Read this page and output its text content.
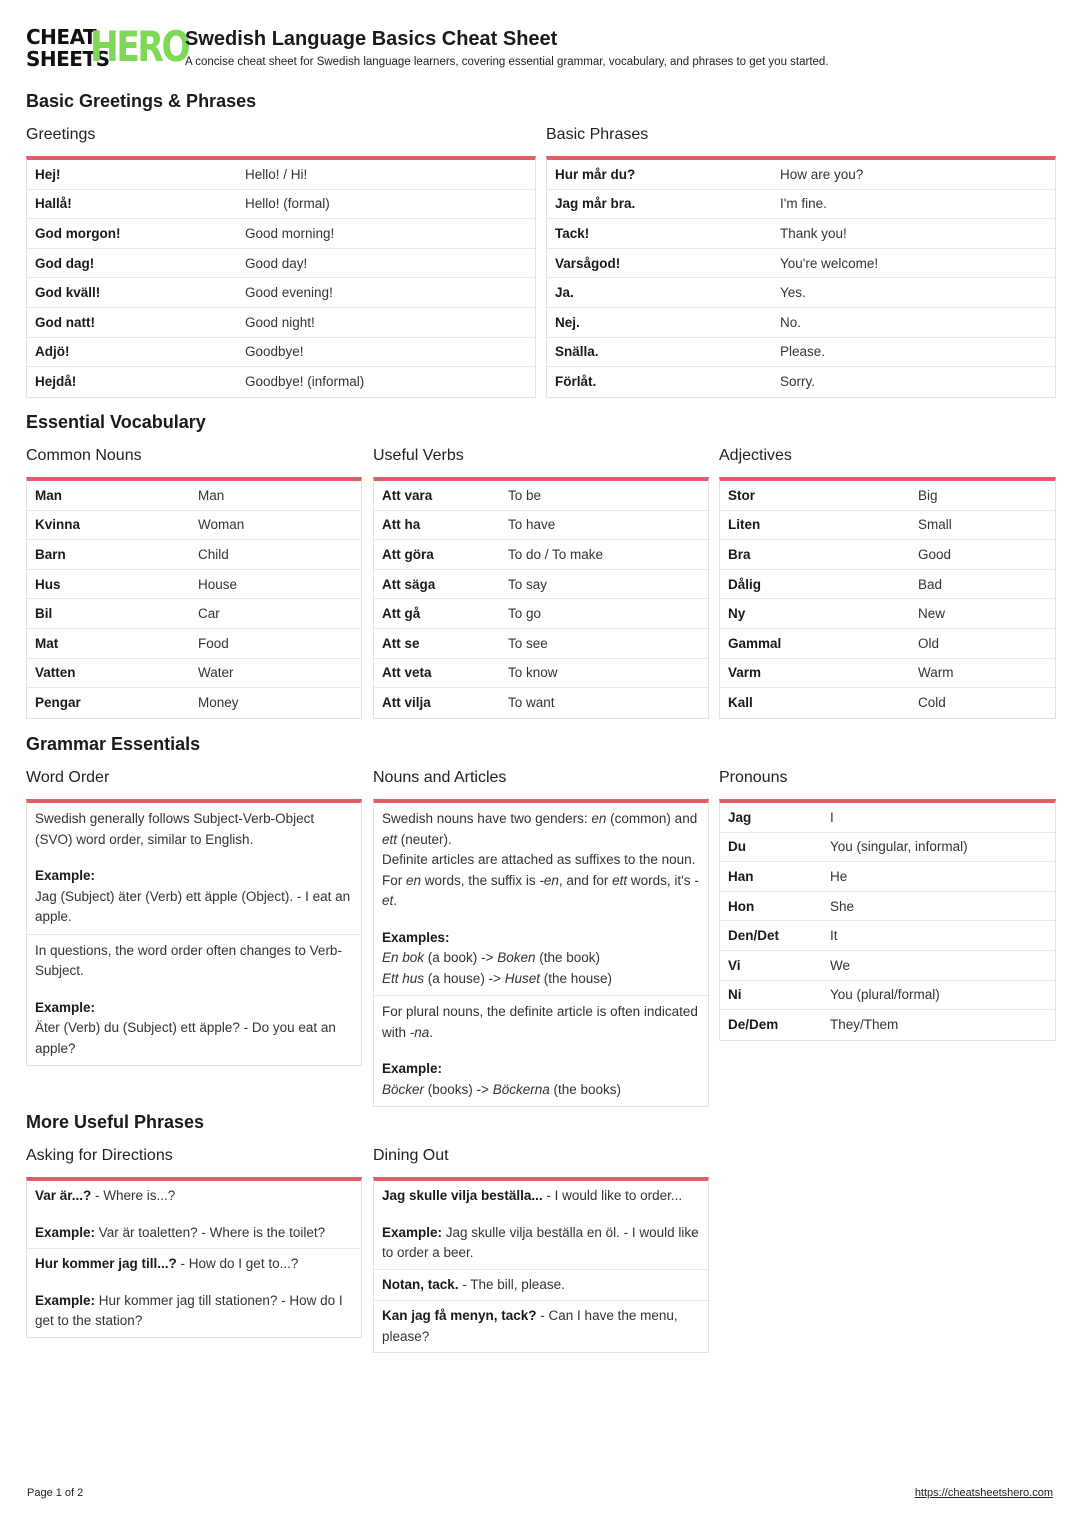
CHEAT
SHEETS
HERO
Swedish Language Basics Cheat Sheet
A concise cheat sheet for Swedish language learners, covering essential grammar, vocabulary, and phrases to get you started.
Basic Greetings & Phrases
Greetings
Hej!	Hello! / Hi!
Hallå!	Hello! (formal)
God morgon!	Good morning!
God dag!	Good day!
God kväll!	Good evening!
God natt!	Good night!
Adjö!	Goodbye!
Hejdå!	Goodbye! (informal)
Basic Phrases
Hur mår du?	How are you?
Jag mår bra.	I'm fine.
Tack!	Thank you!
Varsågod!	You're welcome!
Ja.	Yes.
Nej.	No.
Snälla.	Please.
Förlåt.	Sorry.
Essential Vocabulary
Common Nouns
Man	Man
Kvinna	Woman
Barn	Child
Hus	House
Bil	Car
Mat	Food
Vatten	Water
Pengar	Money
Useful Verbs
Att vara	To be
Att ha	To have
Att göra	To do / To make
Att säga	To say
Att gå	To go
Att se	To see
Att veta	To know
Att vilja	To want
Adjectives
Stor	Big
Liten	Small
Bra	Good
Dålig	Bad
Ny	New
Gammal	Old
Varm	Warm
Kall	Cold
Grammar Essentials
Word Order
Swedish generally follows Subject-Verb-Object (SVO) word order, similar to English.
Example:
Jag (Subject) äter (Verb) ett äpple (Object). - I eat an apple.
In questions, the word order often changes to Verb-Subject.
Example:
Äter (Verb) du (Subject) ett äpple? - Do you eat an apple?
Nouns and Articles
Swedish nouns have two genders: en (common) and ett (neuter).
Definite articles are attached as suffixes to the noun. For en words, the suffix is -en, and for ett words, it's -et.
Examples:
En bok (a book) -> Boken (the book)
Ett hus (a house) -> Huset (the house)
For plural nouns, the definite article is often indicated with -na.
Example:
Böcker (books) -> Böckerna (the books)
Pronouns
Jag	I
Du	You (singular, informal)
Han	He
Hon	She
Den/Det	It
Vi	We
Ni	You (plural/formal)
De/Dem	They/Them
More Useful Phrases
Asking for Directions
Var är...? - Where is...?
Example: Var är toaletten? - Where is the toilet?
Hur kommer jag till...? - How do I get to...?
Example: Hur kommer jag till stationen? - How do I get to the station?
Dining Out
Jag skulle vilja beställa... - I would like to order...
Example: Jag skulle vilja beställa en öl. - I would like to order a beer.
Notan, tack. - The bill, please.
Kan jag få menyn, tack? - Can I have the menu, please?
Page 1 of 2	https://cheatsheetshero.com
